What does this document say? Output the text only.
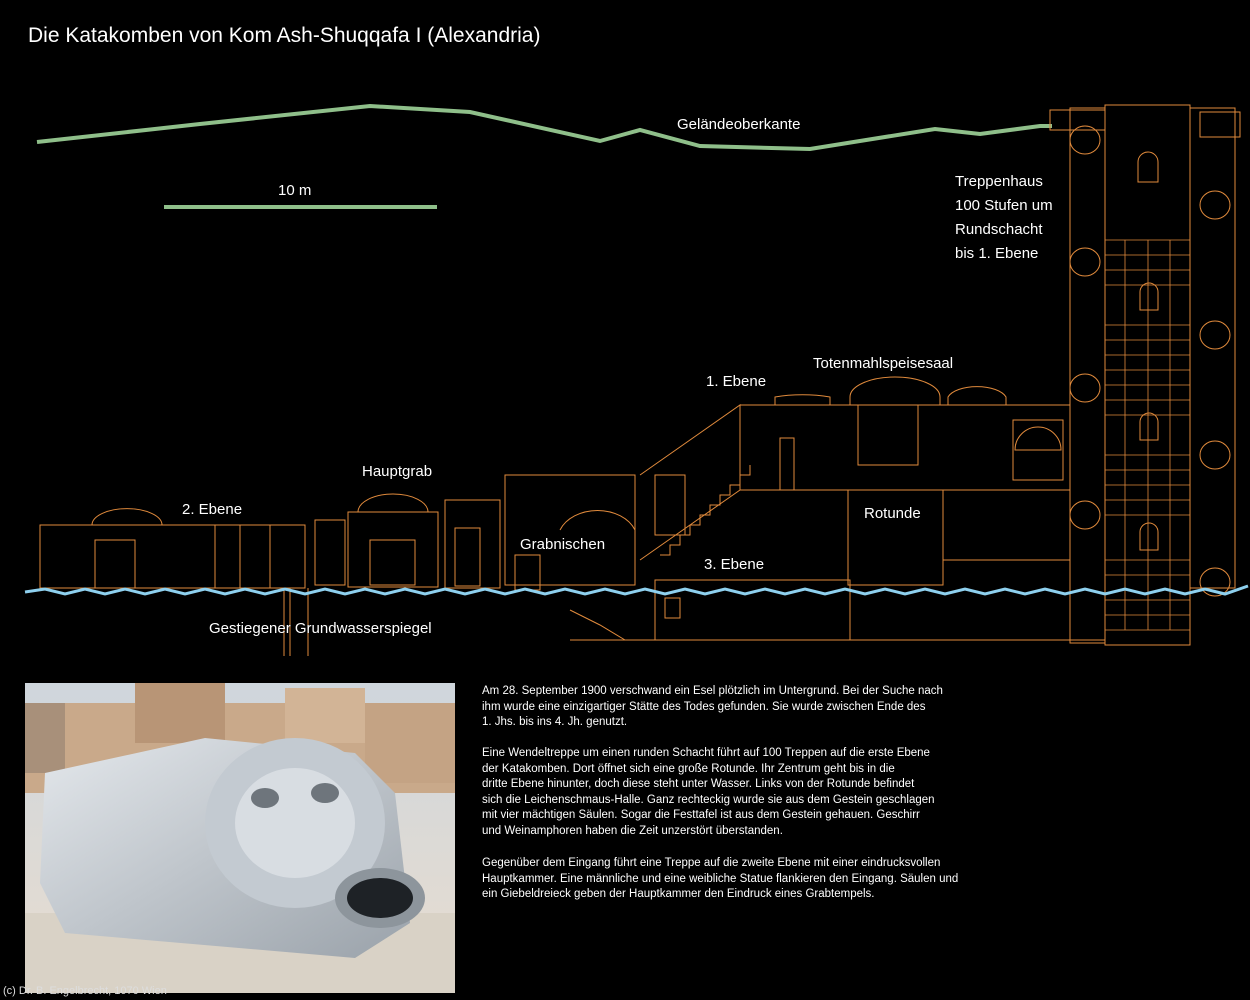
Die Katakomben von Kom Ash-Shuqqafa I (Alexandria)
Geländeoberkante
10 m
Treppenhaus
100 Stufen um
Rundschacht
bis 1. Ebene
1. Ebene
Totenmahlspeisesaal
Hauptgrab
2. Ebene	Rotunde
Grabnischen
3. Ebene
Gestiegener Grundwasserspiegel
Am 28. September 1900 verschwand ein Esel plötzlich im Untergrund. Bei der Suche nach
ihm wurde eine einzigartiger Stätte des Todes gefunden. Sie wurde zwischen Ende des
1. Jhs. bis ins 4. Jh. genutzt.
Eine Wendeltreppe um einen runden Schacht führt auf 100 Treppen auf die erste Ebene
der Katakomben. Dort öffnet sich eine große Rotunde. Ihr Zentrum geht bis in die
dritte Ebene hinunter, doch diese steht unter Wasser. Links von der Rotunde befindet
sich die Leichenschmaus-Halle. Ganz rechteckig wurde sie aus dem Gestein geschlagen
mit vier mächtigen Säulen. Sogar die Festtafel ist aus dem Gestein gehauen. Geschirr
und Weinamphoren haben die Zeit unzerstört überstanden.
Gegenüber dem Eingang führt eine Treppe auf die zweite Ebene mit einer eindrucksvollen
Hauptkammer. Eine männliche und eine weibliche Statue flankieren den Eingang. Säulen und
ein Giebeldreieck geben der Hauptkammer den Eindruck eines Grabtempels.
(c) Dr. B. Engelbrecht, 1070 Wien
